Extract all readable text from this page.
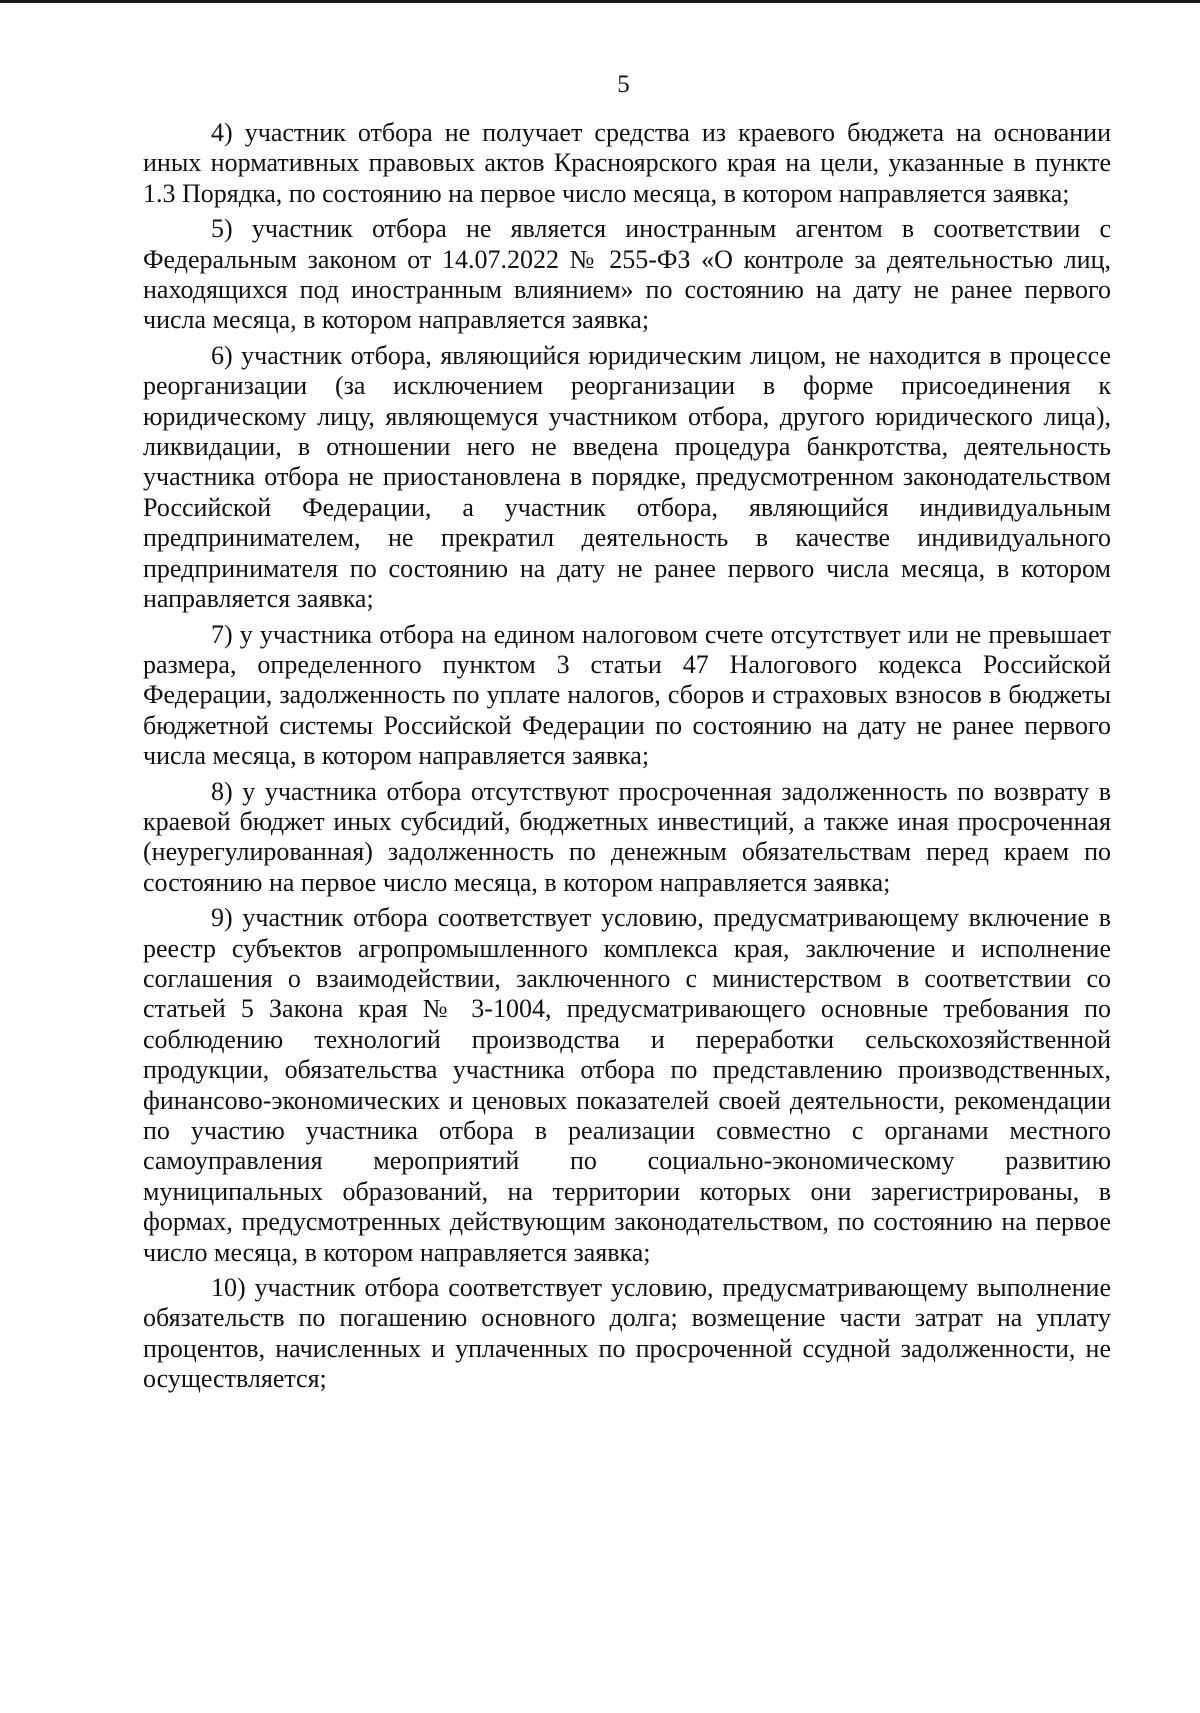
5

4) участник отбора не получает средства из краевого бюджета на основании иных нормативных правовых актов Красноярского края на цели, указанные в пункте 1.3 Порядка, по состоянию на первое число месяца, в котором направляется заявка;

5) участник отбора не является иностранным агентом в соответствии с Федеральным законом от 14.07.2022 № 255-ФЗ «О контроле за деятельностью лиц, находящихся под иностранным влиянием» по состоянию на дату не ранее первого числа месяца, в котором направляется заявка;

6) участник отбора, являющийся юридическим лицом, не находится в процессе реорганизации (за исключением реорганизации в форме присоединения к юридическому лицу, являющемуся участником отбора, другого юридического лица), ликвидации, в отношении него не введена процедура банкротства, деятельность участника отбора не приостановлена в порядке, предусмотренном законодательством Российской Федерации, а участник отбора, являющийся индивидуальным предпринимателем, не прекратил деятельность в качестве индивидуального предпринимателя по состоянию на дату не ранее первого числа месяца, в котором направляется заявка;

7) у участника отбора на едином налоговом счете отсутствует или не превышает размера, определенного пунктом 3 статьи 47 Налогового кодекса Российской Федерации, задолженность по уплате налогов, сборов и страховых взносов в бюджеты бюджетной системы Российской Федерации по состоянию на дату не ранее первого числа месяца, в котором направляется заявка;

8) у участника отбора отсутствуют просроченная задолженность по возврату в краевой бюджет иных субсидий, бюджетных инвестиций, а также иная просроченная (неурегулированная) задолженность по денежным обязательствам перед краем по состоянию на первое число месяца, в котором направляется заявка;

9) участник отбора соответствует условию, предусматривающему включение в реестр субъектов агропромышленного комплекса края, заключение и исполнение соглашения о взаимодействии, заключенного с министерством в соответствии со статьей 5 Закона края № 3-1004, предусматривающего основные требования по соблюдению технологий производства и переработки сельскохозяйственной продукции, обязательства участника отбора по представлению производственных, финансово-экономических и ценовых показателей своей деятельности, рекомендации по участию участника отбора в реализации совместно с органами местного самоуправления мероприятий по социально-экономическому развитию муниципальных образований, на территории которых они зарегистрированы, в формах, предусмотренных действующим законодательством, по состоянию на первое число месяца, в котором направляется заявка;

10) участник отбора соответствует условию, предусматривающему выполнение обязательств по погашению основного долга; возмещение части затрат на уплату процентов, начисленных и уплаченных по просроченной ссудной задолженности, не осуществляется;
